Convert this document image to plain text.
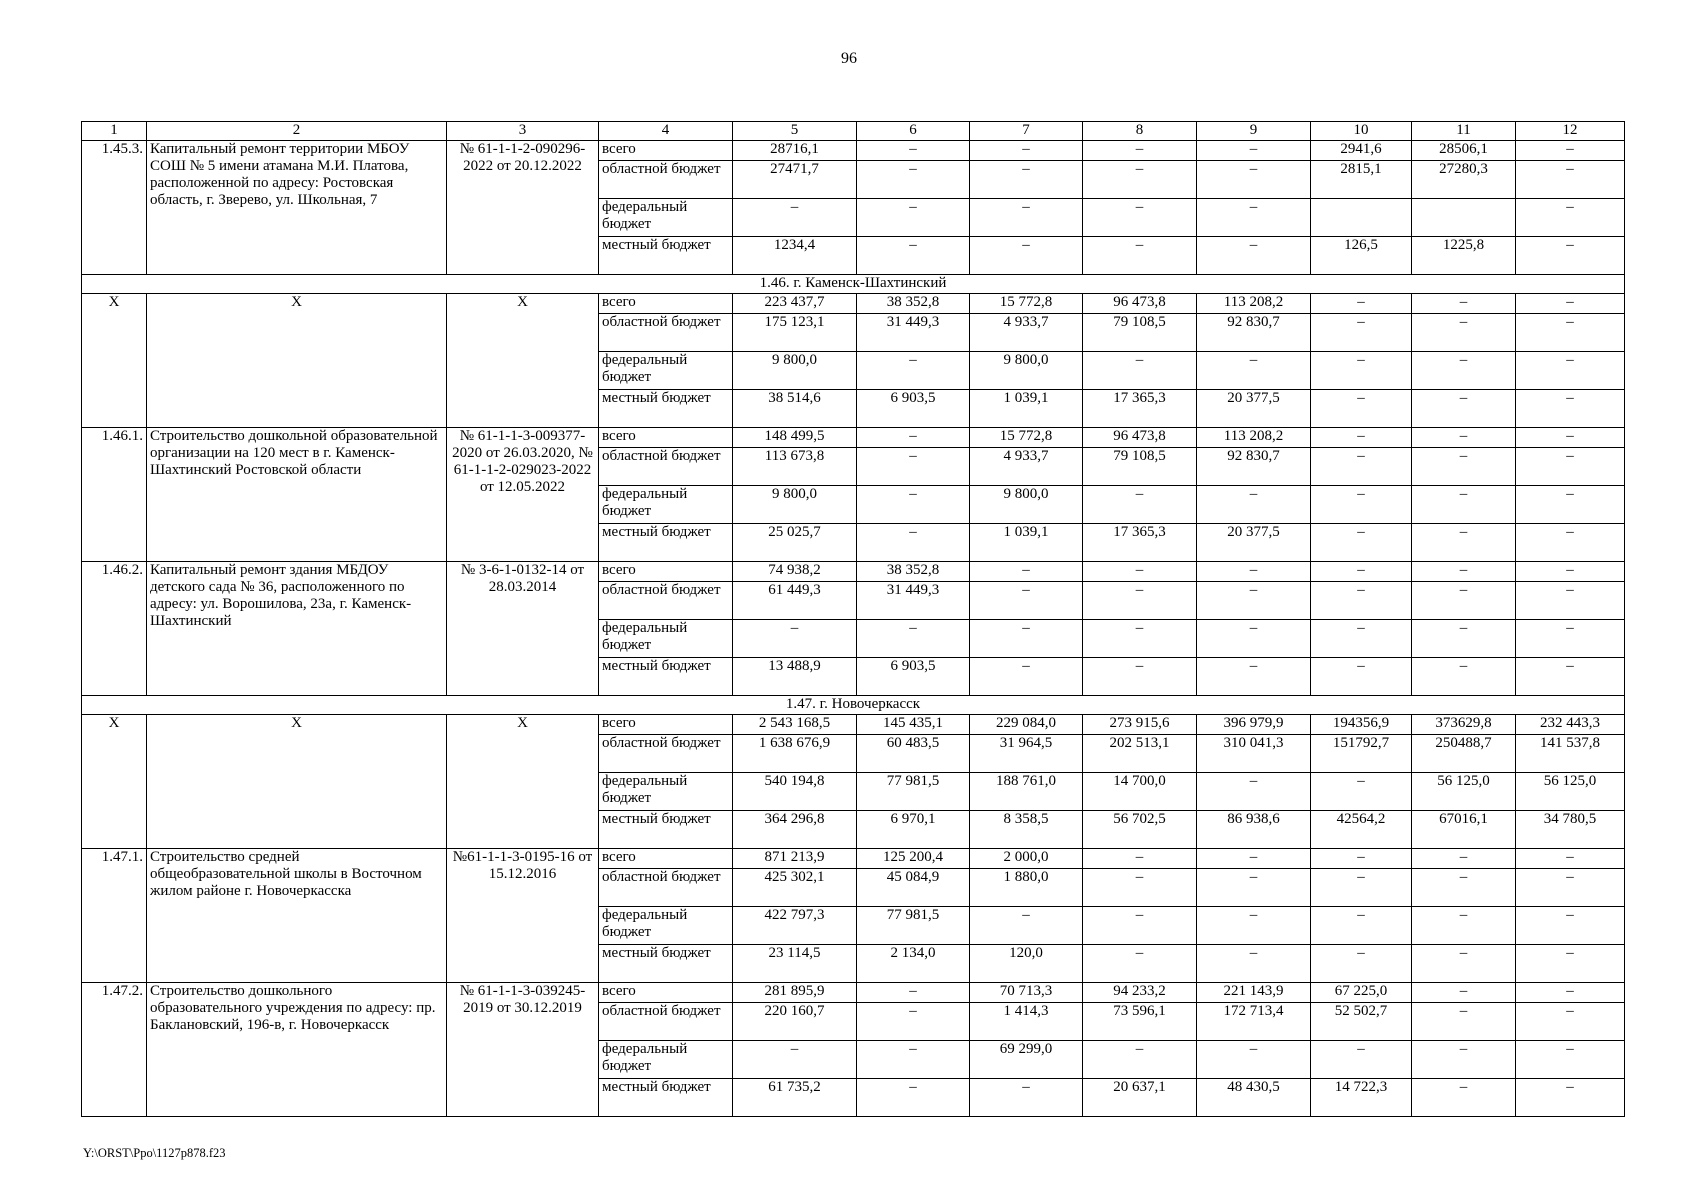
96
1	2	3	4	5	6	7	8	9	10	11	12
1.45.3.	Капитальный ремонт территории МБОУ СОШ № 5 имени атамана М.И. Платова, расположенной по адресу: Ростовская область, г. Зверево, ул. Школьная, 7	№ 61-1-1-2-090296-2022 от 20.12.2022	всего	28716,1	–	–	–	–	2941,6	28506,1	–
			областной бюджет	27471,7	–	–	–	–	2815,1	27280,3	–
			федеральный бюджет	–	–	–	–	–			–
			местный бюджет	1234,4	–	–	–	–	126,5	1225,8	–
1.46. г. Каменск-Шахтинский											
X	X	X	всего	223 437,7	38 352,8	15 772,8	96 473,8	113 208,2	–	–	–
			областной бюджет	175 123,1	31 449,3	4 933,7	79 108,5	92 830,7	–	–	–
			федеральный бюджет	9 800,0	–	9 800,0	–	–	–	–	–
			местный бюджет	38 514,6	6 903,5	1 039,1	17 365,3	20 377,5	–	–	–
1.46.1.	Строительство дошкольной образовательной организации на 120 мест в г. Каменск-Шахтинский Ростовской области	№ 61-1-1-3-009377-2020 от 26.03.2020, № 61-1-1-2-029023-2022 от 12.05.2022	всего	148 499,5	–	15 772,8	96 473,8	113 208,2	–	–	–
			областной бюджет	113 673,8	–	4 933,7	79 108,5	92 830,7	–	–	–
			федеральный бюджет	9 800,0	–	9 800,0	–	–	–	–	–
			местный бюджет	25 025,7	–	1 039,1	17 365,3	20 377,5	–	–	–
1.46.2.	Капитальный ремонт здания МБДОУ детского сада № 36, расположенного по адресу: ул. Ворошилова, 23а, г. Каменск-Шахтинский	№ 3-6-1-0132-14 от 28.03.2014	всего	74 938,2	38 352,8	–	–	–	–	–	–
			областной бюджет	61 449,3	31 449,3	–	–	–	–	–	–
			федеральный бюджет	–	–	–	–	–	–	–	–
			местный бюджет	13 488,9	6 903,5	–	–	–	–	–	–
1.47. г. Новочеркасск											
X	X	X	всего	2 543 168,5	145 435,1	229 084,0	273 915,6	396 979,9	194356,9	373629,8	232 443,3
			областной бюджет	1 638 676,9	60 483,5	31 964,5	202 513,1	310 041,3	151792,7	250488,7	141 537,8
			федеральный бюджет	540 194,8	77 981,5	188 761,0	14 700,0	–	–	56 125,0	56 125,0
			местный бюджет	364 296,8	6 970,1	8 358,5	56 702,5	86 938,6	42564,2	67016,1	34 780,5
1.47.1.	Строительство средней общеобразовательной школы в Восточном жилом районе г. Новочеркасска	№61-1-1-3-0195-16 от 15.12.2016	всего	871 213,9	125 200,4	2 000,0	–	–	–	–	–
			областной бюджет	425 302,1	45 084,9	1 880,0	–	–	–	–	–
			федеральный бюджет	422 797,3	77 981,5	–	–	–	–	–	–
			местный бюджет	23 114,5	2 134,0	120,0	–	–	–	–	–
1.47.2.	Строительство дошкольного образовательного учреждения по адресу: пр. Баклановский, 196-в, г. Новочеркасск	№ 61-1-1-3-039245-2019 от 30.12.2019	всего	281 895,9	–	70 713,3	94 233,2	221 143,9	67 225,0	–	–
			областной бюджет	220 160,7	–	1 414,3	73 596,1	172 713,4	52 502,7	–	–
			федеральный бюджет	–	–	69 299,0	–	–	–	–	–
			местный бюджет	61 735,2	–	–	20 637,1	48 430,5	14 722,3	–	–
Y:\ORST\Ppo\1127p878.f23
